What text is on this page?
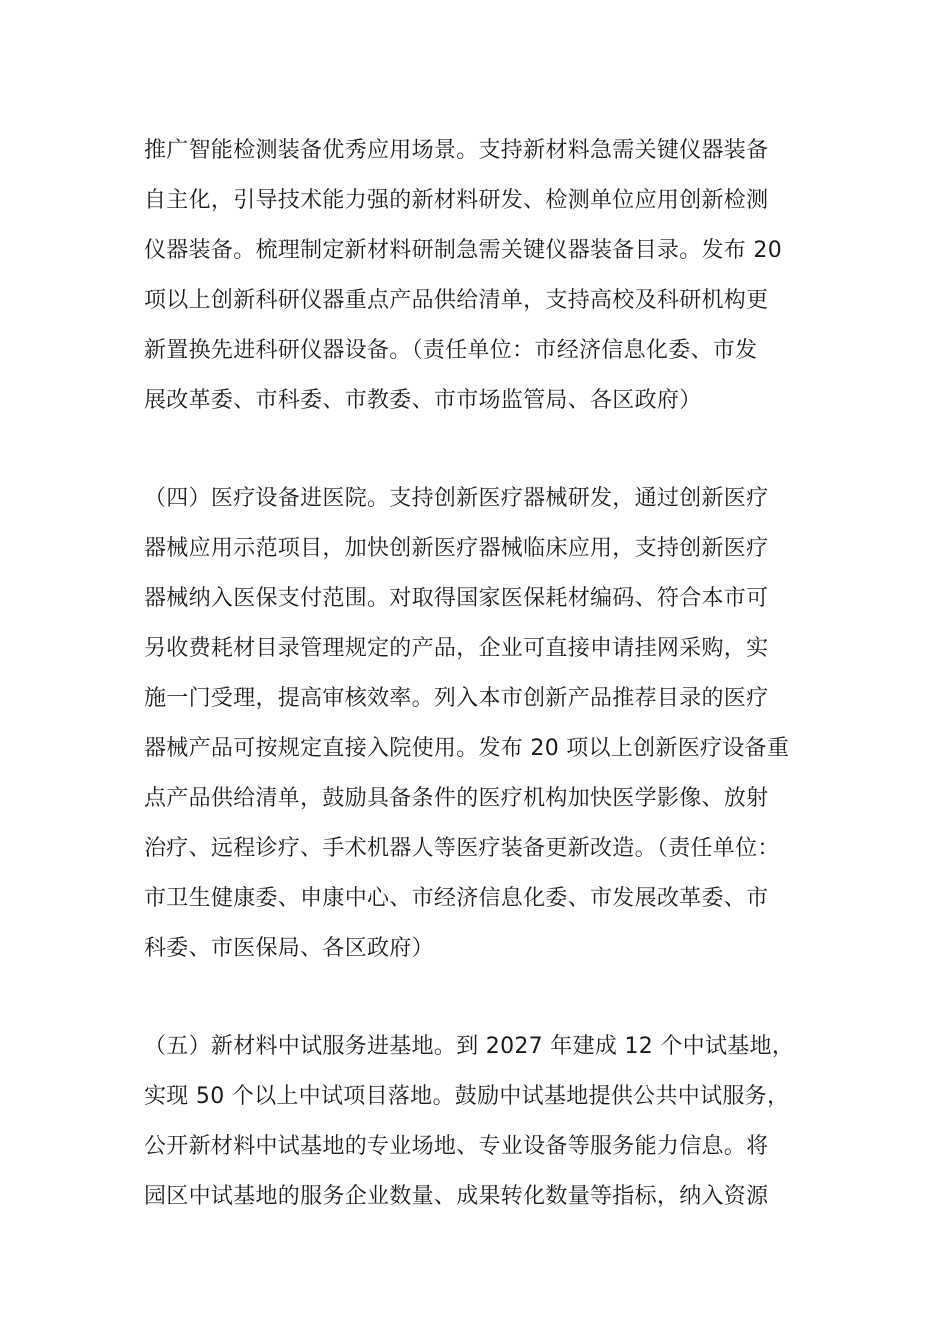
推广智能检测装备优秀应用场景。支持新材料急需关键仪器装备
自主化，引导技术能力强的新材料研发、检测单位应用创新检测
仪器装备。梳理制定新材料研制急需关键仪器装备目录。发布 20
项以上创新科研仪器重点产品供给清单，支持高校及科研机构更
新置换先进科研仪器设备。（责任单位：市经济信息化委、市发
展改革委、市科委、市教委、市市场监管局、各区政府）

（四）医疗设备进医院。支持创新医疗器械研发，通过创新医疗
器械应用示范项目，加快创新医疗器械临床应用，支持创新医疗
器械纳入医保支付范围。对取得国家医保耗材编码、符合本市可
另收费耗材目录管理规定的产品，企业可直接申请挂网采购，实
施一门受理，提高审核效率。列入本市创新产品推荐目录的医疗
器械产品可按规定直接入院使用。发布 20 项以上创新医疗设备重
点产品供给清单，鼓励具备条件的医疗机构加快医学影像、放射
治疗、远程诊疗、手术机器人等医疗装备更新改造。（责任单位：
市卫生健康委、申康中心、市经济信息化委、市发展改革委、市
科委、市医保局、各区政府）

（五）新材料中试服务进基地。到 2027 年建成 12 个中试基地，
实现 50 个以上中试项目落地。鼓励中试基地提供公共中试服务，
公开新材料中试基地的专业场地、专业设备等服务能力信息。将
园区中试基地的服务企业数量、成果转化数量等指标，纳入资源
